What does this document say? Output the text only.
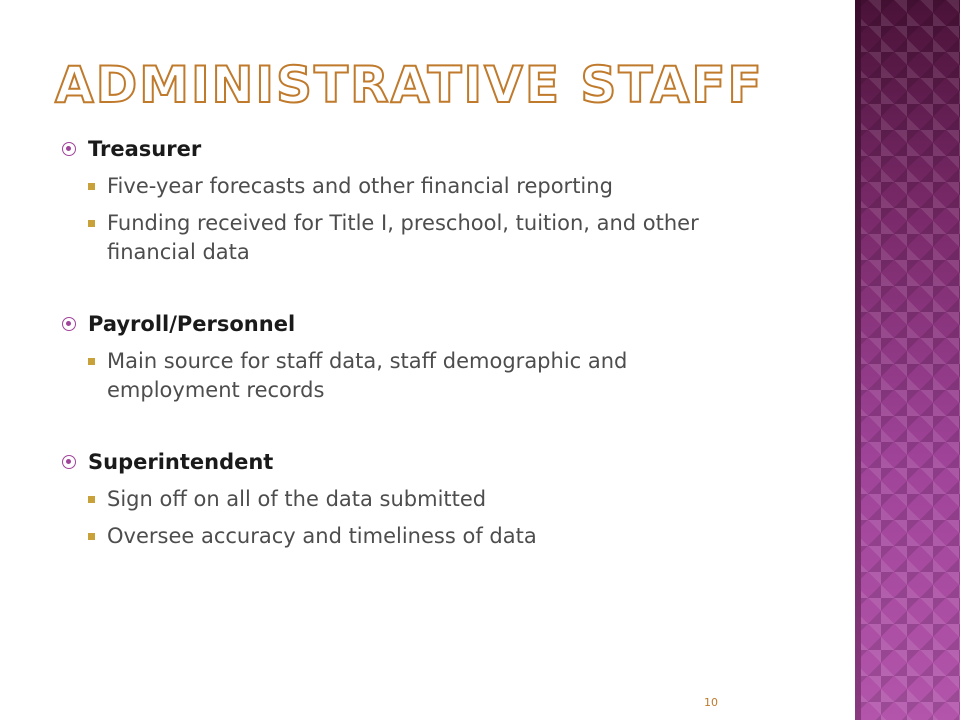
ADMINISTRATIVE STAFF
Treasurer
Five-year forecasts and other financial reporting
Funding received for Title I, preschool, tuition, and other financial data
Payroll/Personnel
Main source for staff data, staff demographic and employment records
Superintendent
Sign off on all of the data submitted
Oversee accuracy and timeliness of data
10
